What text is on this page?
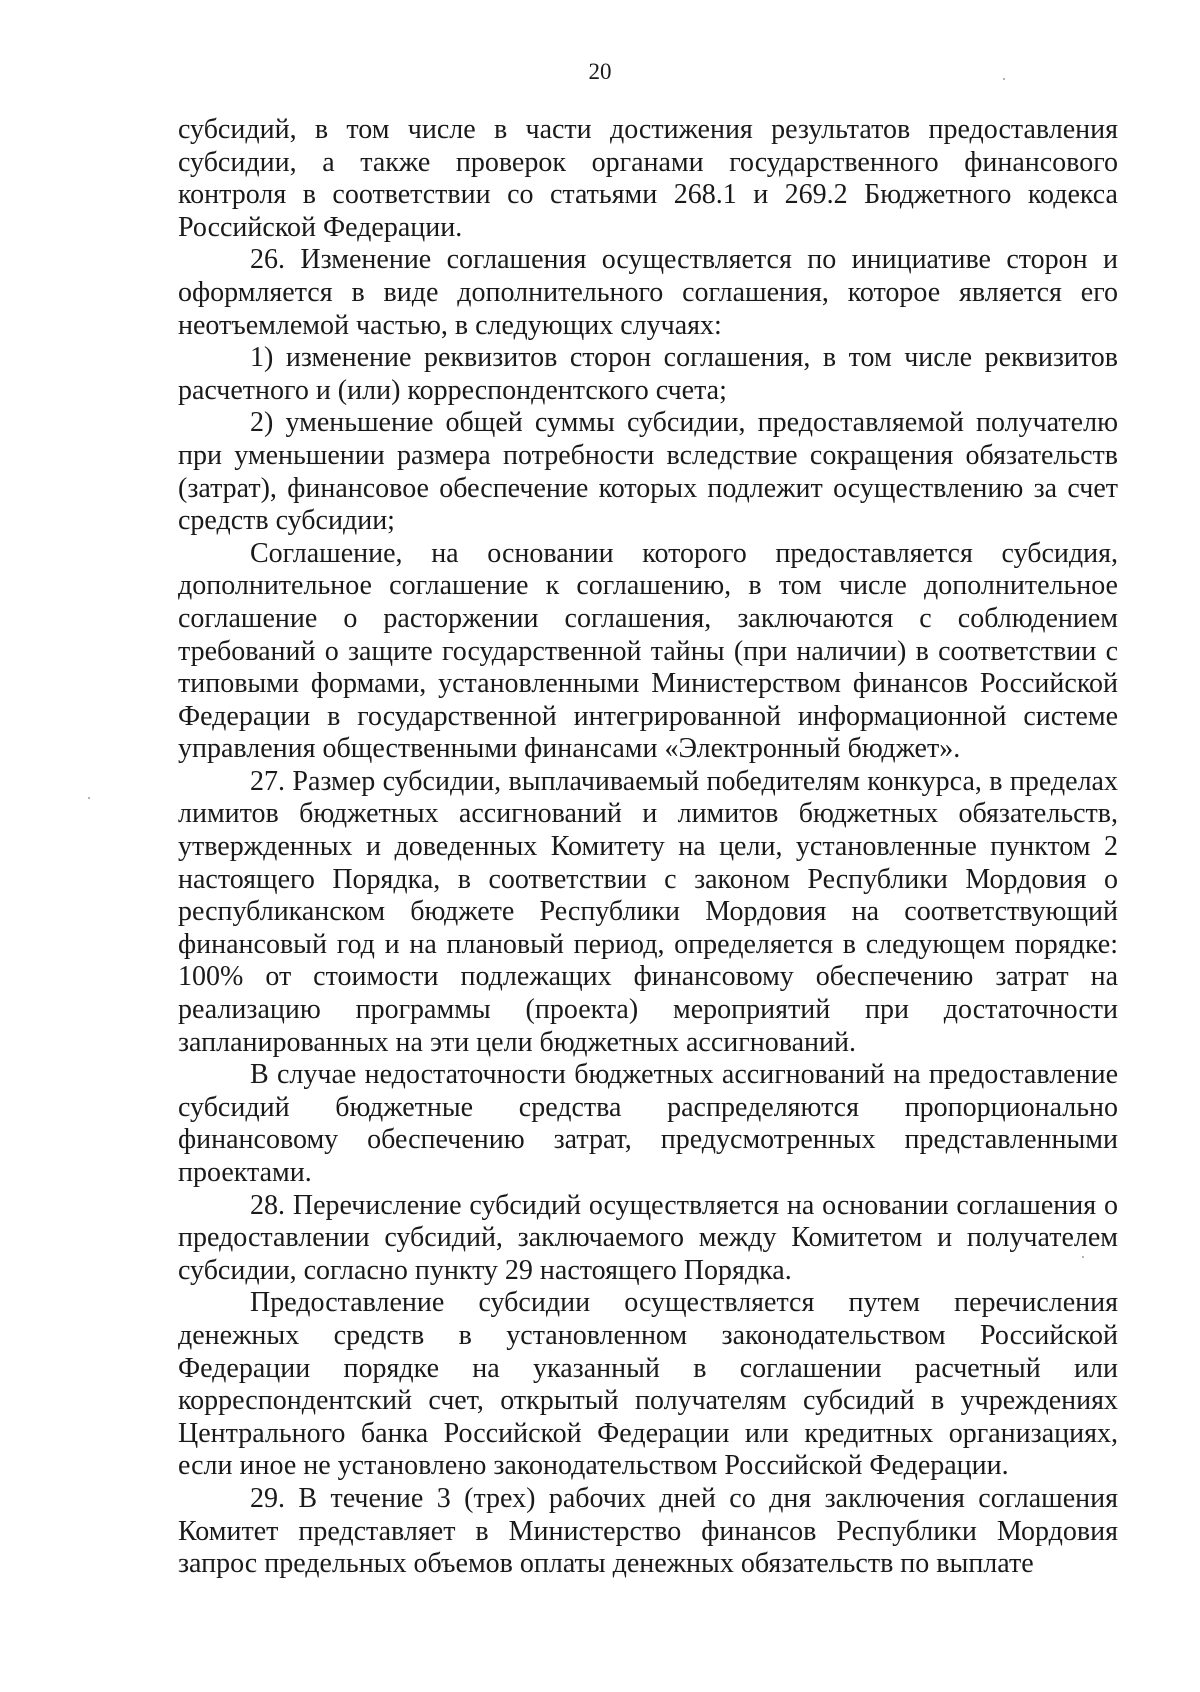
20

субсидий, в том числе в части достижения результатов предоставления субсидии, а также проверок органами государственного финансового контроля в соответствии со статьями 268.1 и 269.2 Бюджетного кодекса Российской Федерации.

26. Изменение соглашения осуществляется по инициативе сторон и оформляется в виде дополнительного соглашения, которое является его неотъемлемой частью, в следующих случаях:

1) изменение реквизитов сторон соглашения, в том числе реквизитов расчетного и (или) корреспондентского счета;

2) уменьшение общей суммы субсидии, предоставляемой получателю при уменьшении размера потребности вследствие сокращения обязательств (затрат), финансовое обеспечение которых подлежит осуществлению за счет средств субсидии;

Соглашение, на основании которого предоставляется субсидия, дополнительное соглашение к соглашению, в том числе дополнительное соглашение о расторжении соглашения, заключаются с соблюдением требований о защите государственной тайны (при наличии) в соответствии с типовыми формами, установленными Министерством финансов Российской Федерации в государственной интегрированной информационной системе управления общественными финансами «Электронный бюджет».

27. Размер субсидии, выплачиваемый победителям конкурса, в пределах лимитов бюджетных ассигнований и лимитов бюджетных обязательств, утвержденных и доведенных Комитету на цели, установленные пунктом 2 настоящего Порядка, в соответствии с законом Республики Мордовия о республиканском бюджете Республики Мордовия на соответствующий финансовый год и на плановый период, определяется в следующем порядке: 100% от стоимости подлежащих финансовому обеспечению затрат на реализацию программы (проекта) мероприятий при достаточности запланированных на эти цели бюджетных ассигнований.

В случае недостаточности бюджетных ассигнований на предоставление субсидий бюджетные средства распределяются пропорционально финансовому обеспечению затрат, предусмотренных представленными проектами.

28. Перечисление субсидий осуществляется на основании соглашения о предоставлении субсидий, заключаемого между Комитетом и получателем субсидии, согласно пункту 29 настоящего Порядка.

Предоставление субсидии осуществляется путем перечисления денежных средств в установленном законодательством Российской Федерации порядке на указанный в соглашении расчетный или корреспондентский счет, открытый получателям субсидий в учреждениях Центрального банка Российской Федерации или кредитных организациях, если иное не установлено законодательством Российской Федерации.

29. В течение 3 (трех) рабочих дней со дня заключения соглашения Комитет представляет в Министерство финансов Республики Мордовия запрос предельных объемов оплаты денежных обязательств по выплате
